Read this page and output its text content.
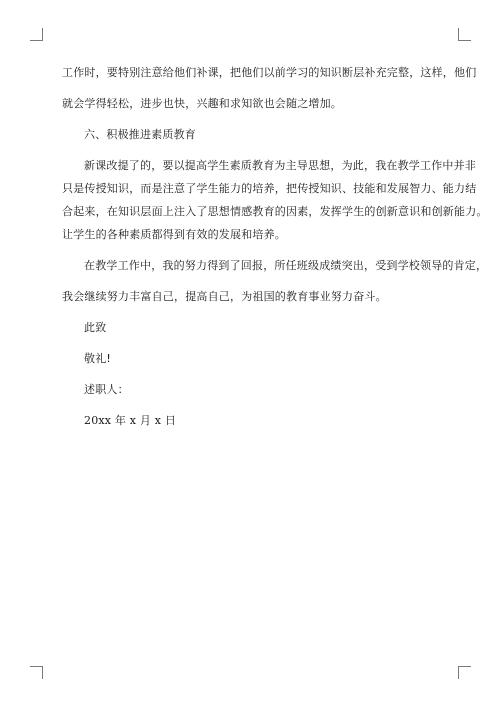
工作时，要特别注意给他们补课，把他们以前学习的知识断层补充完整，这样，他们
就会学得轻松，进步也快，兴趣和求知欲也会随之增加。
六、积极推进素质教育
新课改提了的，要以提高学生素质教育为主导思想，为此，我在教学工作中并非
只是传授知识，而是注意了学生能力的培养，把传授知识、技能和发展智力、能力结
合起来，在知识层面上注入了思想情感教育的因素，发挥学生的创新意识和创新能力。
让学生的各种素质都得到有效的发展和培养。
在教学工作中，我的努力得到了回报，所任班级成绩突出，受到学校领导的肯定，
我会继续努力丰富自己，提高自己，为祖国的教育事业努力奋斗。
此致
敬礼!
述职人：
20xx 年 x 月 x 日
